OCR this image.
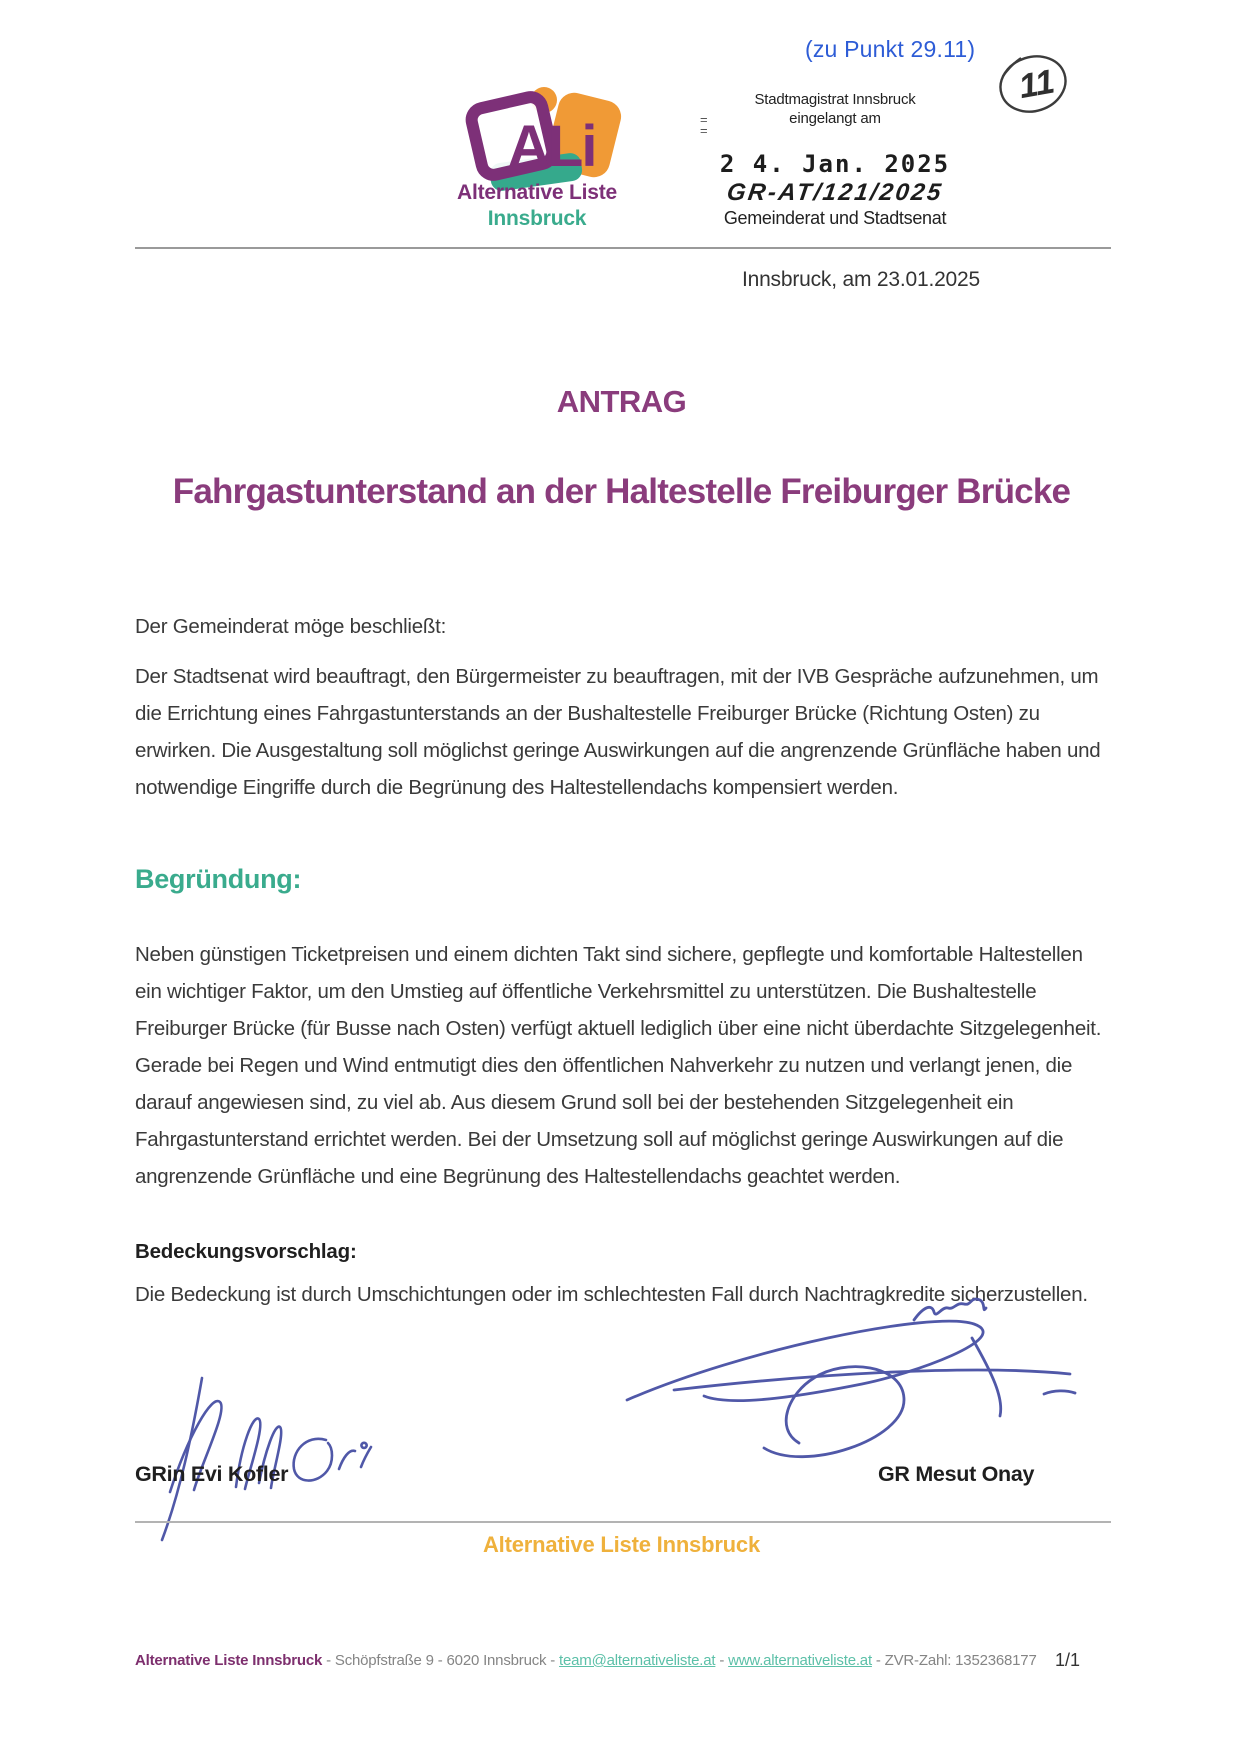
(zu Punkt 29.11)
11
ALi
Alternative Liste
Innsbruck
=
=
Stadtmagistrat Innsbruck
eingelangt am
2 4. Jan. 2025
GR-AT/121/2025
Gemeinderat und Stadtsenat
Innsbruck, am 23.01.2025
ANTRAG
Fahrgastunterstand an der Haltestelle Freiburger Brücke
Der Gemeinderat möge beschließt:
Der Stadtsenat wird beauftragt, den Bürgermeister zu beauftragen, mit der IVB Gespräche aufzunehmen, um die Errichtung eines Fahrgastunterstands an der Bushaltestelle Freiburger Brücke (Richtung Osten) zu erwirken. Die Ausgestaltung soll möglichst geringe Auswirkungen auf die angrenzende Grünfläche haben und notwendige Eingriffe durch die Begrünung des Haltestellendachs kompensiert werden.
Begründung:
Neben günstigen Ticketpreisen und einem dichten Takt sind sichere, gepflegte und komfortable Haltestellen ein wichtiger Faktor, um den Umstieg auf öffentliche Verkehrsmittel zu unterstützen. Die Bushaltestelle Freiburger Brücke (für Busse nach Osten) verfügt aktuell lediglich über eine nicht überdachte Sitzgelegenheit. Gerade bei Regen und Wind entmutigt dies den öffentlichen Nahverkehr zu nutzen und verlangt jenen, die darauf angewiesen sind, zu viel ab. Aus diesem Grund soll bei der bestehenden Sitzgelegenheit ein Fahrgastunterstand errichtet werden. Bei der Umsetzung soll auf möglichst geringe Auswirkungen auf die angrenzende Grünfläche und eine Begrünung des Haltestellendachs geachtet werden.
Bedeckungsvorschlag:
Die Bedeckung ist durch Umschichtungen oder im schlechtesten Fall durch Nachtragkredite sicherzustellen.
GRin Evi Kofler	GR Mesut Onay
Alternative Liste Innsbruck
Alternative Liste Innsbruck - Schöpfstraße 9 - 6020 Innsbruck - team@alternativeliste.at - www.alternativeliste.at - ZVR-Zahl: 1352368177 1/1
